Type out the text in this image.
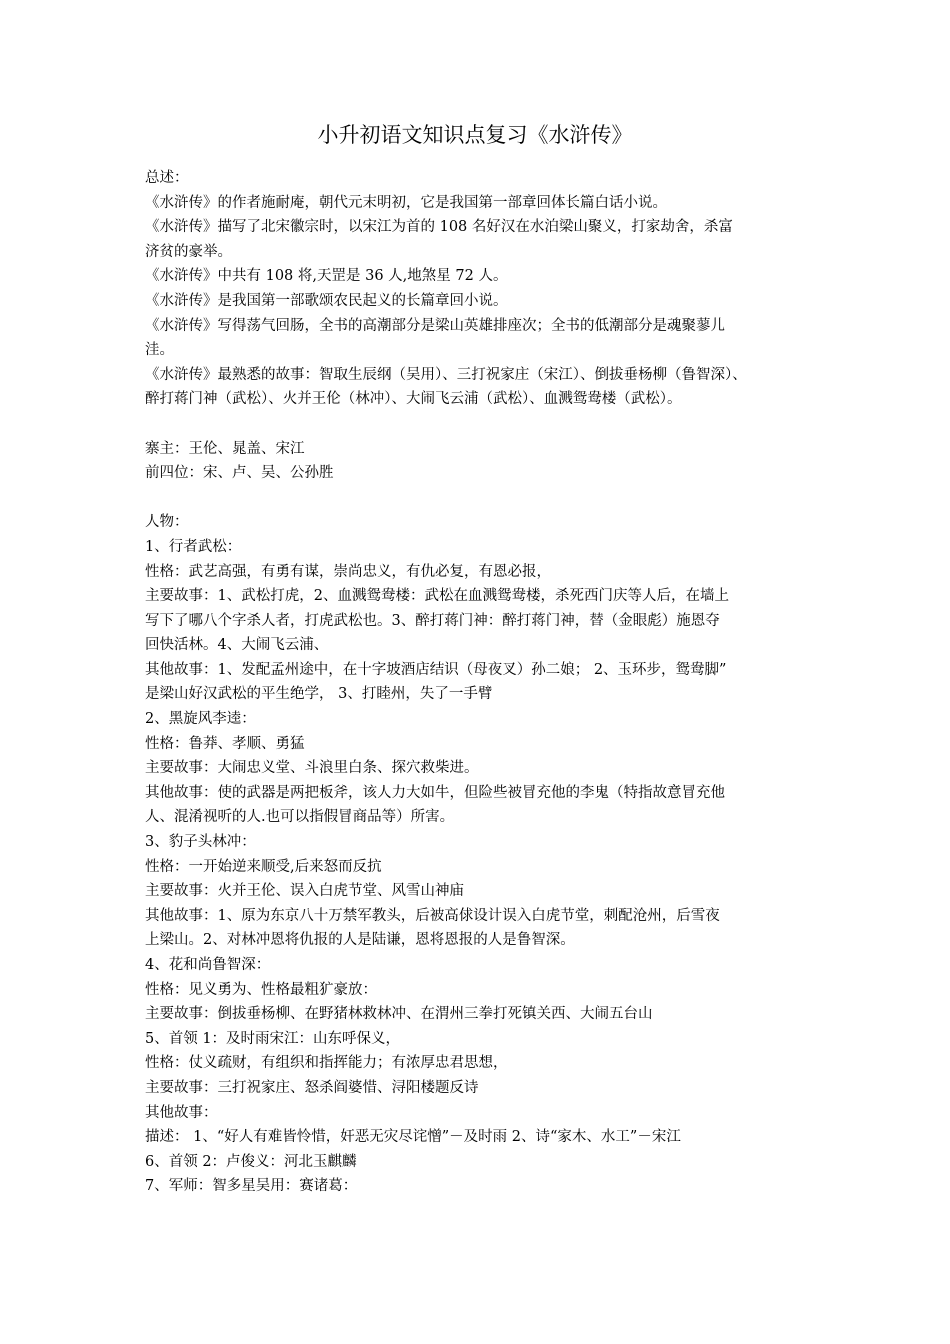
小升初语文知识点复习《水浒传》
总述：
《水浒传》的作者施耐庵，朝代元末明初，它是我国第一部章回体长篇白话小说。
《水浒传》描写了北宋徽宗时，以宋江为首的 108 名好汉在水泊梁山聚义，打家劫舍，杀富
济贫的豪举。
《水浒传》中共有 108 将,天罡是 36 人,地煞星 72 人。
《水浒传》是我国第一部歌颂农民起义的长篇章回小说。
《水浒传》写得荡气回肠，全书的高潮部分是梁山英雄排座次；全书的低潮部分是魂聚蓼儿
洼。
《水浒传》最熟悉的故事：智取生辰纲（吴用）、三打祝家庄（宋江）、倒拔垂杨柳（鲁智深）、
醉打蒋门神（武松）、火并王伦（林冲）、大闹飞云浦（武松）、血溅鸳鸯楼（武松）。
寨主：王伦、晁盖、宋江
前四位：宋、卢、吴、公孙胜
人物：
1、行者武松：
性格：武艺高强，有勇有谋，崇尚忠义，有仇必复，有恩必报，
主要故事：1、武松打虎，2、血溅鸳鸯楼：武松在血溅鸳鸯楼，杀死西门庆等人后，在墙上
写下了哪八个字杀人者，打虎武松也。3、醉打蒋门神：醉打蒋门神，替（金眼彪）施恩夺
回快活林。4、大闹飞云浦、
其他故事：1、发配孟州途中，在十字坡酒店结识（母夜叉）孙二娘； 2、玉环步，鸳鸯脚”
是梁山好汉武松的平生绝学， 3、打睦州，失了一手臂
2、黑旋风李逵：
性格：鲁莽、孝顺、勇猛
主要故事：大闹忠义堂、斗浪里白条、探穴救柴进。
其他故事：使的武器是两把板斧，该人力大如牛，但险些被冒充他的李鬼（特指故意冒充他
人、混淆视听的人.也可以指假冒商品等）所害。
3、豹子头林冲：
性格：一开始逆来顺受,后来怒而反抗
主要故事：火并王伦、误入白虎节堂、风雪山神庙
其他故事：1、原为东京八十万禁军教头，后被高俅设计误入白虎节堂，刺配沧州，后雪夜
上梁山。2、对林冲恩将仇报的人是陆谦，恩将恩报的人是鲁智深。
4、花和尚鲁智深：
性格：见义勇为、性格最粗犷豪放：
主要故事：倒拔垂杨柳、在野猪林救林冲、在渭州三拳打死镇关西、大闹五台山
5、首领 1：及时雨宋江：山东呼保义，
性格：仗义疏财，有组织和指挥能力；有浓厚忠君思想，
主要故事：三打祝家庄、怒杀阎婆惜、浔阳楼题反诗
其他故事：
描述： 1、“好人有难皆怜惜，奸恶无灾尽诧憎”－及时雨 2、诗“家木、水工”－宋江
6、首领 2：卢俊义：河北玉麒麟
7、军师：智多星吴用：赛诸葛：
